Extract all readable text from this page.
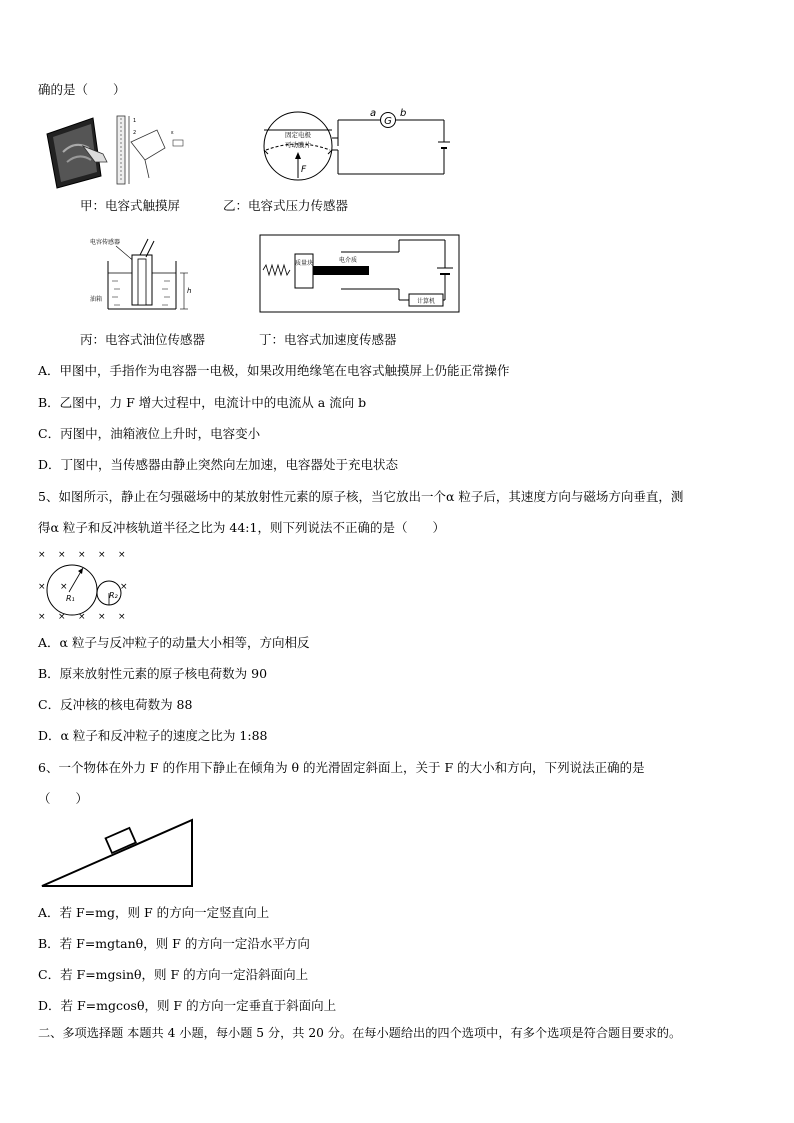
确的是（　　）
1
2	ε	固定电极
可动膜片
F
G
a b
甲：电容式触摸屏	乙：电容式压力传感器
电容传感器
油箱
h
质量块	电介质
计算机
丙：电容式油位传感器	丁：电容式加速度传感器
A．甲图中，手指作为电容器一电极，如果改用绝缘笔在电容式触摸屏上仍能正常操作
B．乙图中，力 F 增大过程中，电流计中的电流从 a 流向 b
C．丙图中，油箱液位上升时，电容变小
D．丁图中，当传感器由静止突然向左加速，电容器处于充电状态
5、如图所示，静止在匀强磁场中的某放射性元素的原子核，当它放出一个α 粒子后，其速度方向与磁场方向垂直，测
得α 粒子和反冲核轨道半径之比为 44:1，则下列说法不正确的是（　　）
× × × × ×
× ×	×
× × × × ×
R₁	R₂
A．α 粒子与反冲粒子的动量大小相等，方向相反
B．原来放射性元素的原子核电荷数为 90
C．反冲核的核电荷数为 88
D．α 粒子和反冲粒子的速度之比为 1:88
6、一个物体在外力 F 的作用下静止在倾角为 θ 的光滑固定斜面上，关于 F 的大小和方向，下列说法正确的是
（　　）
A．若 F=mg，则 F 的方向一定竖直向上
B．若 F=mgtanθ，则 F 的方向一定沿水平方向
C．若 F=mgsinθ，则 F 的方向一定沿斜面向上
D．若 F=mgcosθ，则 F 的方向一定垂直于斜面向上
二、多项选择题 本题共 4 小题，每小题 5 分，共 20 分。在每小题给出的四个选项中，有多个选项是符合题目要求的。
